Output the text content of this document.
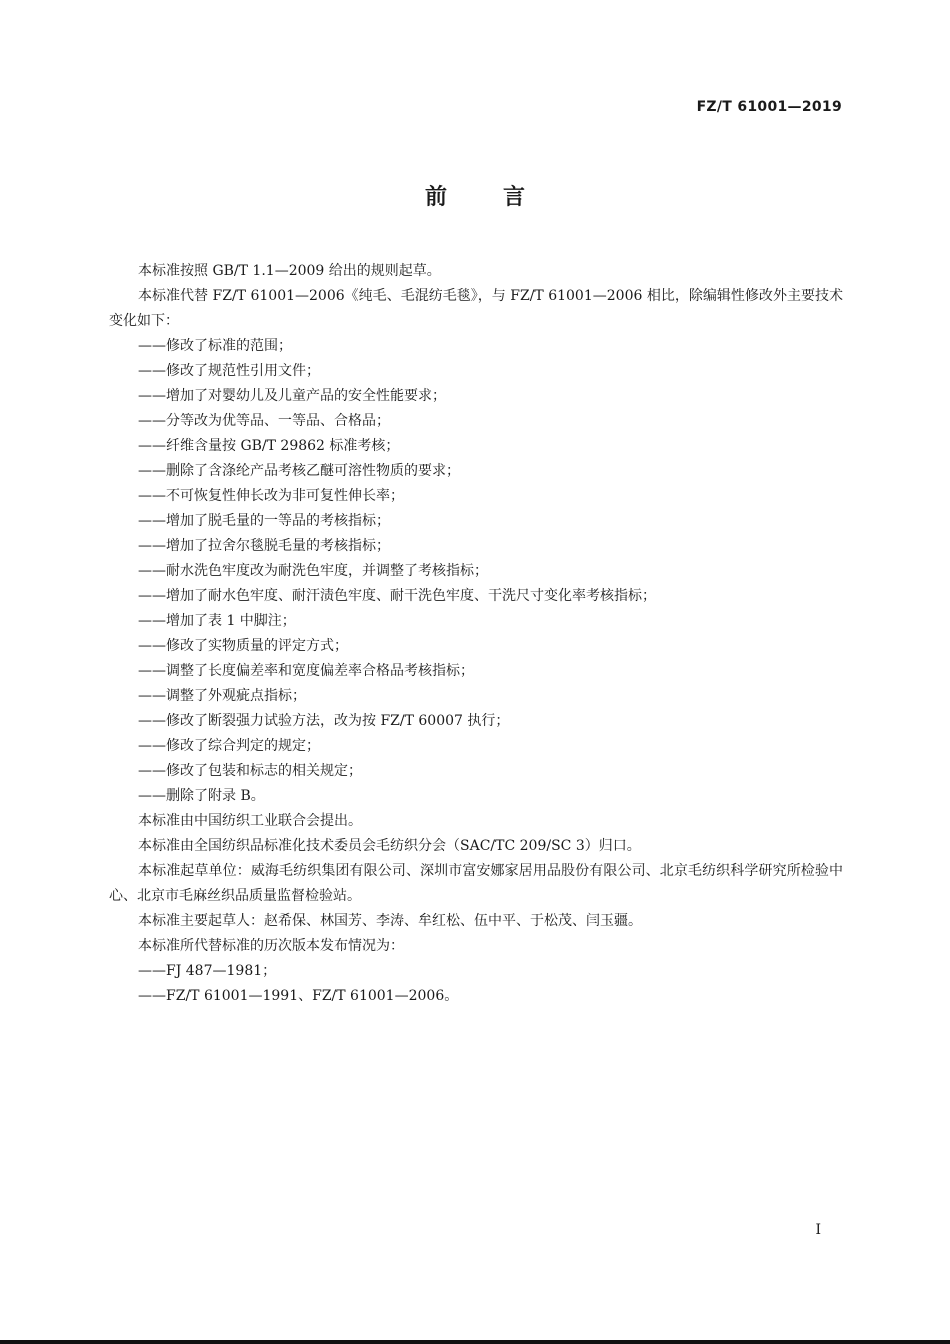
FZ/T 61001—2019
前言

本标准按照 GB/T 1.1—2009 给出的规则起草。

本标准代替 FZ/T 61001—2006《纯毛、毛混纺毛毯》，与 FZ/T 61001—2006 相比，除编辑性修改外主要技术变化如下：

——修改了标准的范围；

——修改了规范性引用文件；

——增加了对婴幼儿及儿童产品的安全性能要求；

——分等改为优等品、一等品、合格品；

——纤维含量按 GB/T 29862 标准考核；

——删除了含涤纶产品考核乙醚可溶性物质的要求；

——不可恢复性伸长改为非可复性伸长率；

——增加了脱毛量的一等品的考核指标；

——增加了拉舍尔毯脱毛量的考核指标；

——耐水洗色牢度改为耐洗色牢度，并调整了考核指标；

——增加了耐水色牢度、耐汗渍色牢度、耐干洗色牢度、干洗尺寸变化率考核指标；

——增加了表 1 中脚注；

——修改了实物质量的评定方式；

——调整了长度偏差率和宽度偏差率合格品考核指标；

——调整了外观疵点指标；

——修改了断裂强力试验方法，改为按 FZ/T 60007 执行；

——修改了综合判定的规定；

——修改了包装和标志的相关规定；

——删除了附录 B。

本标准由中国纺织工业联合会提出。

本标准由全国纺织品标准化技术委员会毛纺织分会（SAC/TC 209/SC 3）归口。

本标准起草单位：威海毛纺织集团有限公司、深圳市富安娜家居用品股份有限公司、北京毛纺织科学研究所检验中心、北京市毛麻丝织品质量监督检验站。

本标准主要起草人：赵希保、林国芳、李涛、牟红松、伍中平、于松茂、闫玉疆。

本标准所代替标准的历次版本发布情况为：

——FJ 487—1981；

——FZ/T 61001—1991、FZ/T 61001—2006。

I
